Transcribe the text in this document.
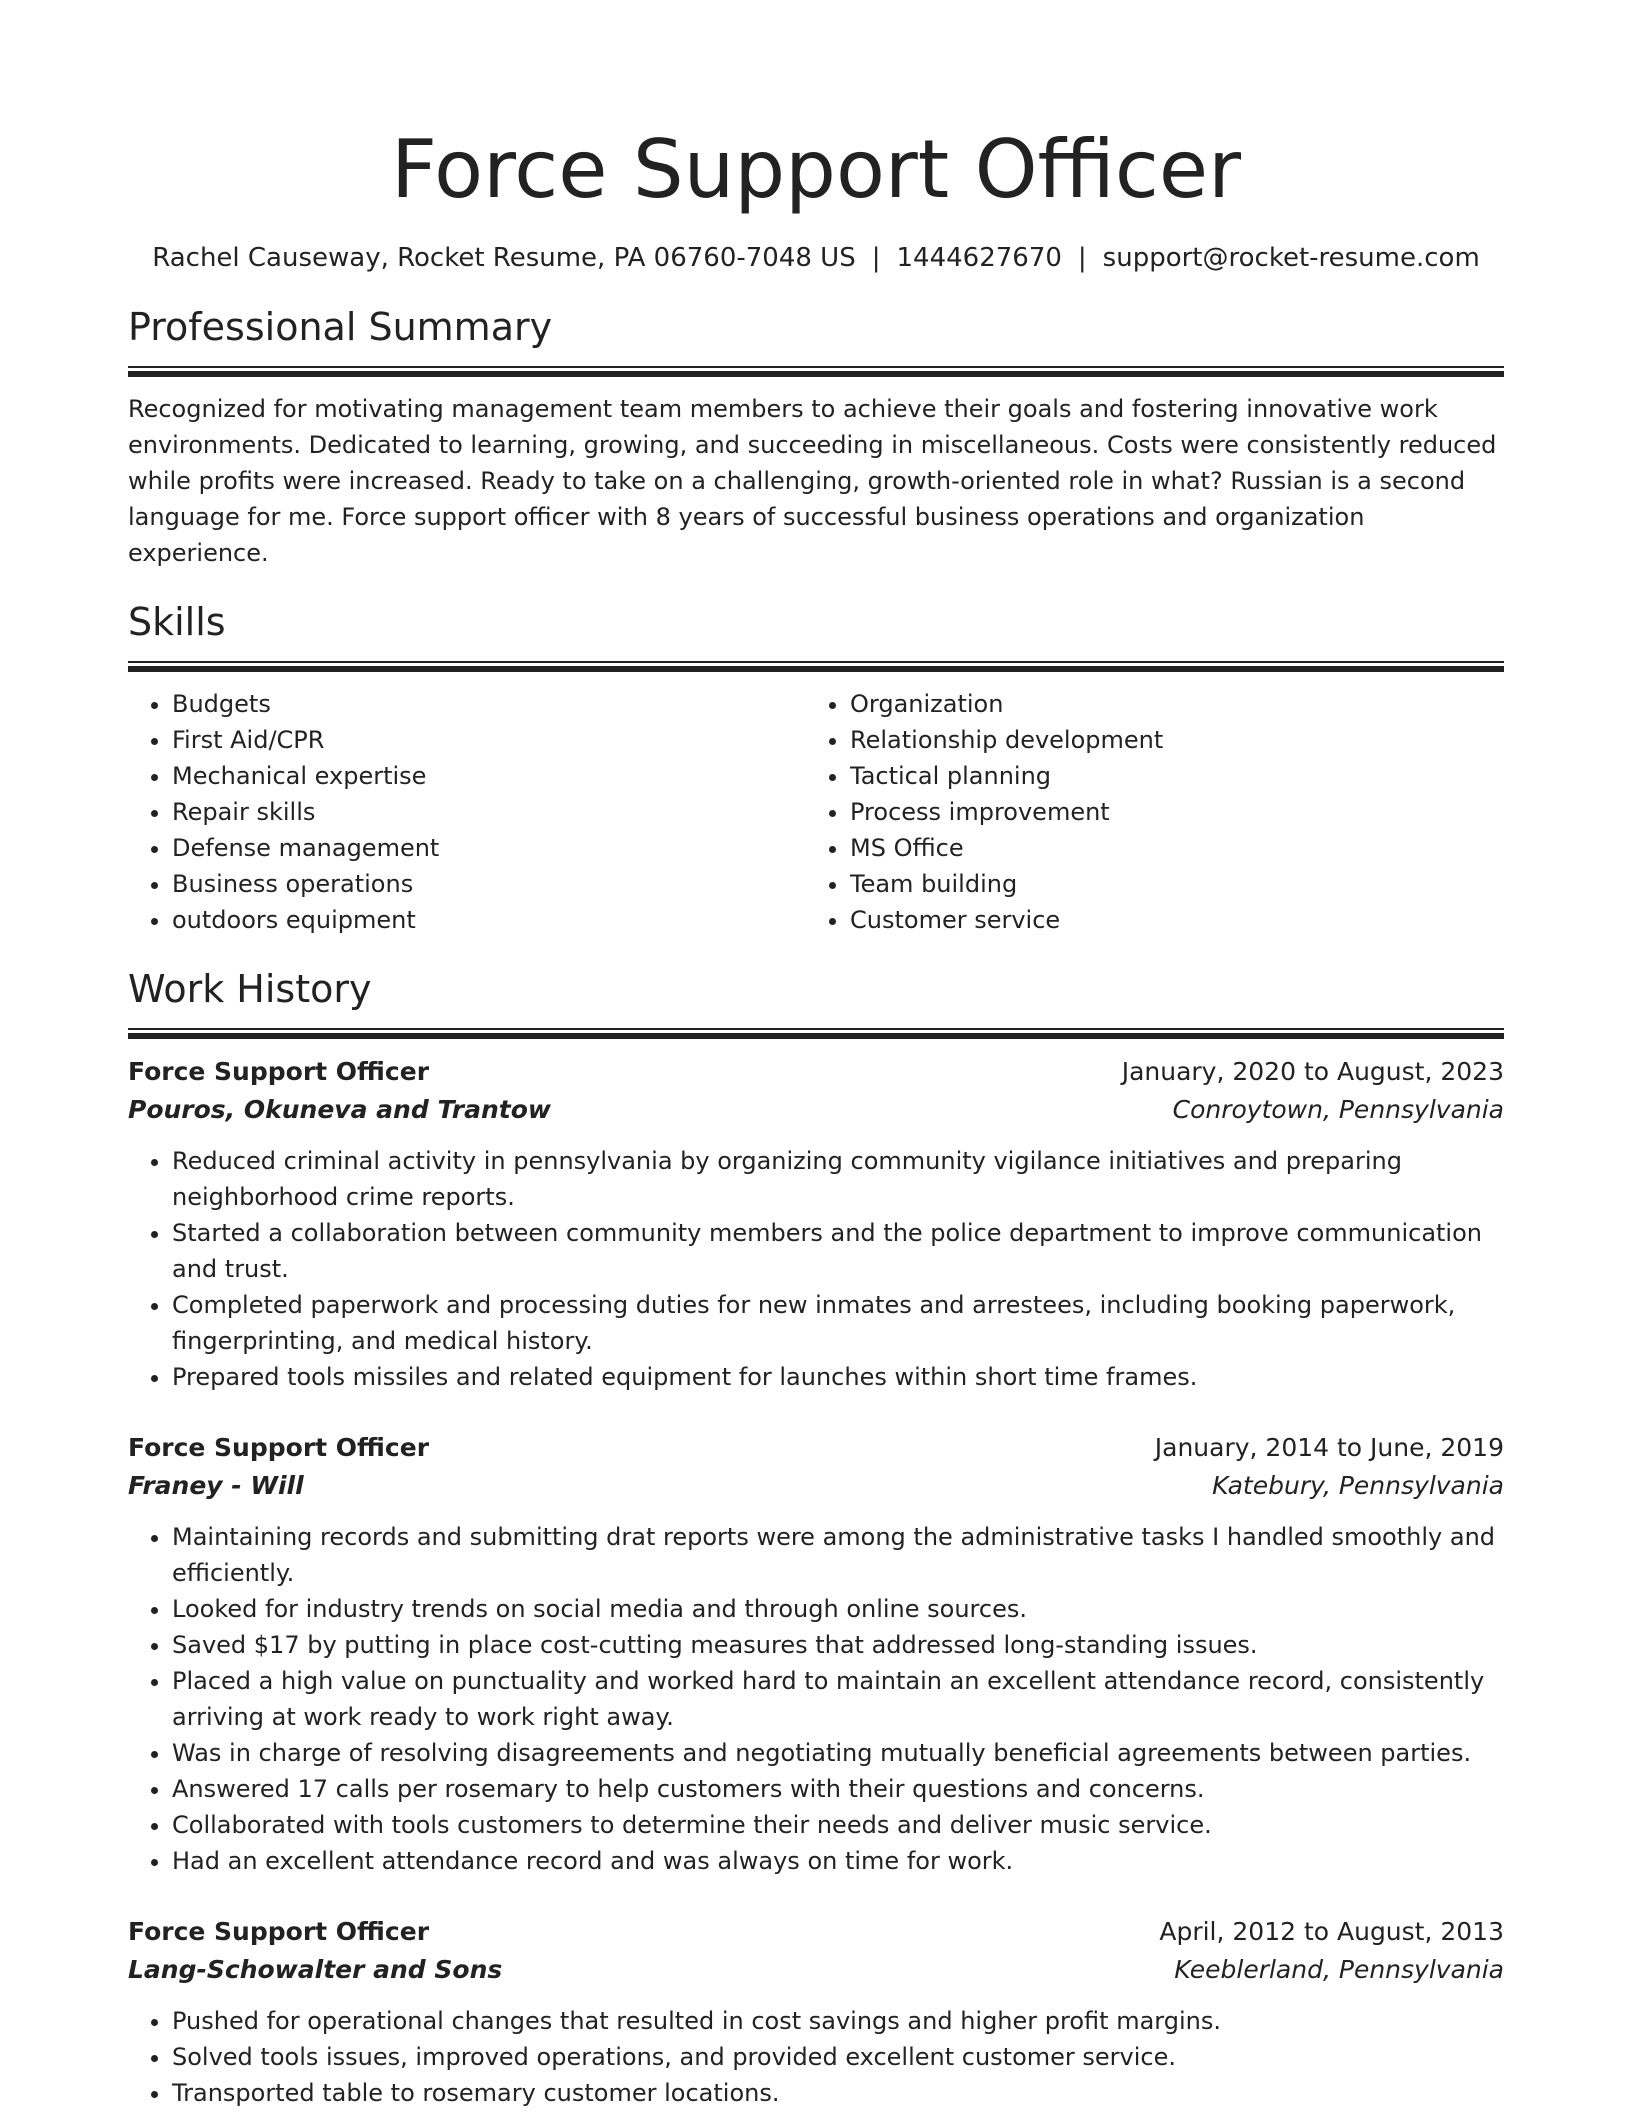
Force Support Officer
Rachel Causeway, Rocket Resume, PA 06760-7048 US | 1444627670 | support@rocket-resume.com
Professional Summary

Recognized for motivating management team members to achieve their goals and fostering innovative work environments. Dedicated to learning, growing, and succeeding in miscellaneous. Costs were consistently reduced while profits were increased. Ready to take on a challenging, growth-oriented role in what? Russian is a second language for me. Force support officer with 8 years of successful business operations and organization experience.

Skills
• Budgets
• First Aid/CPR
• Mechanical expertise
• Repair skills
• Defense management
• Business operations
• outdoors equipment
• Organization
• Relationship development
• Tactical planning
• Process improvement
• MS Office
• Team building
• Customer service
Work History
Force Support Officer	January, 2020 to August, 2023
Pouros, Okuneva and Trantow	Conroytown, Pennsylvania
• Reduced criminal activity in pennsylvania by organizing community vigilance initiatives and preparing neighborhood crime reports.
• Started a collaboration between community members and the police department to improve communication and trust.
• Completed paperwork and processing duties for new inmates and arrestees, including booking paperwork, fingerprinting, and medical history.
• Prepared tools missiles and related equipment for launches within short time frames.
Force Support Officer	January, 2014 to June, 2019
Franey - Will	Katebury, Pennsylvania
• Maintaining records and submitting drat reports were among the administrative tasks I handled smoothly and efficiently.
• Looked for industry trends on social media and through online sources.
• Saved $17 by putting in place cost-cutting measures that addressed long-standing issues.
• Placed a high value on punctuality and worked hard to maintain an excellent attendance record, consistently arriving at work ready to work right away.
• Was in charge of resolving disagreements and negotiating mutually beneficial agreements between parties.
• Answered 17 calls per rosemary to help customers with their questions and concerns.
• Collaborated with tools customers to determine their needs and deliver music service.
• Had an excellent attendance record and was always on time for work.
Force Support Officer	April, 2012 to August, 2013
Lang-Schowalter and Sons	Keeblerland, Pennsylvania
• Pushed for operational changes that resulted in cost savings and higher profit margins.
• Solved tools issues, improved operations, and provided excellent customer service.
• Transported table to rosemary customer locations.
